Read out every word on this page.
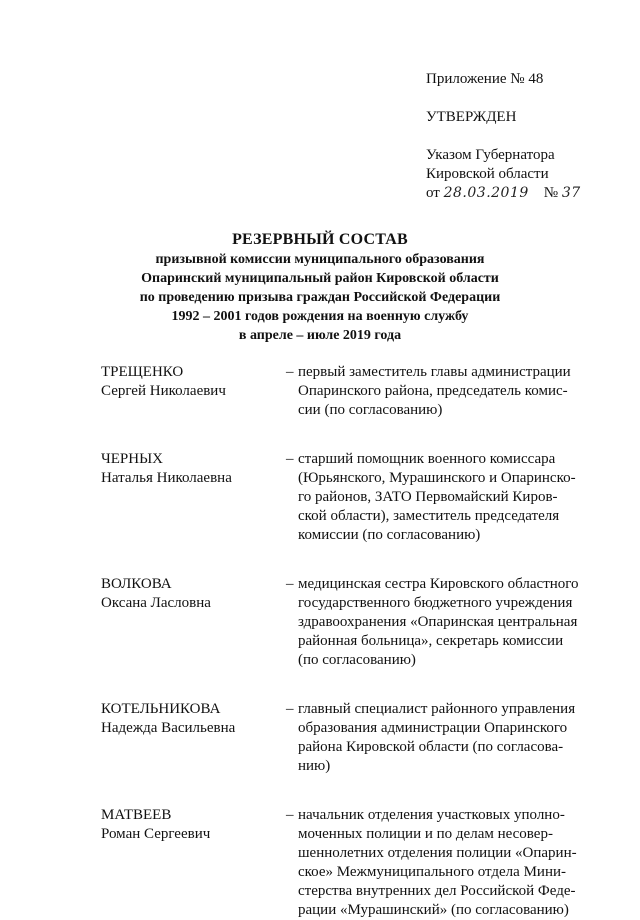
Приложение № 48
УТВЕРЖДЕН
Указом Губернатора
Кировской области
от 28.03.2019 № 37
РЕЗЕРВНЫЙ СОСТАВ
призывной комиссии муниципального образования
Опаринский муниципальный район Кировской области
по проведению призыва граждан Российской Федерации
1992 – 2001 годов рождения на военную службу
в апреле – июле 2019 года
ТРЕЩЕНКО
Сергей Николаевич
– первый заместитель главы администрации
Опаринского района, председатель комис-
сии (по согласованию)
ЧЕРНЫХ
Наталья Николаевна
– старший помощник военного комиссара
(Юрьянского, Мурашинского и Опаринско-
го районов, ЗАТО Первомайский Киров-
ской области), заместитель председателя
комиссии (по согласованию)
ВОЛКОВА
Оксана Ласловна
– медицинская сестра Кировского областного
государственного бюджетного учреждения
здравоохранения «Опаринская центральная
районная больница», секретарь комиссии
(по согласованию)
КОТЕЛЬНИКОВА
Надежда Васильевна
– главный специалист районного управления
образования администрации Опаринского
района Кировской области (по согласова-
нию)
МАТВЕЕВ
Роман Сергеевич
– начальник отделения участковых уполно-
моченных полиции и по делам несовер-
шеннолетних отделения полиции «Опарин-
ское» Межмуниципального отдела Мини-
стерства внутренних дел Российской Феде-
рации «Мурашинский» (по согласованию)
